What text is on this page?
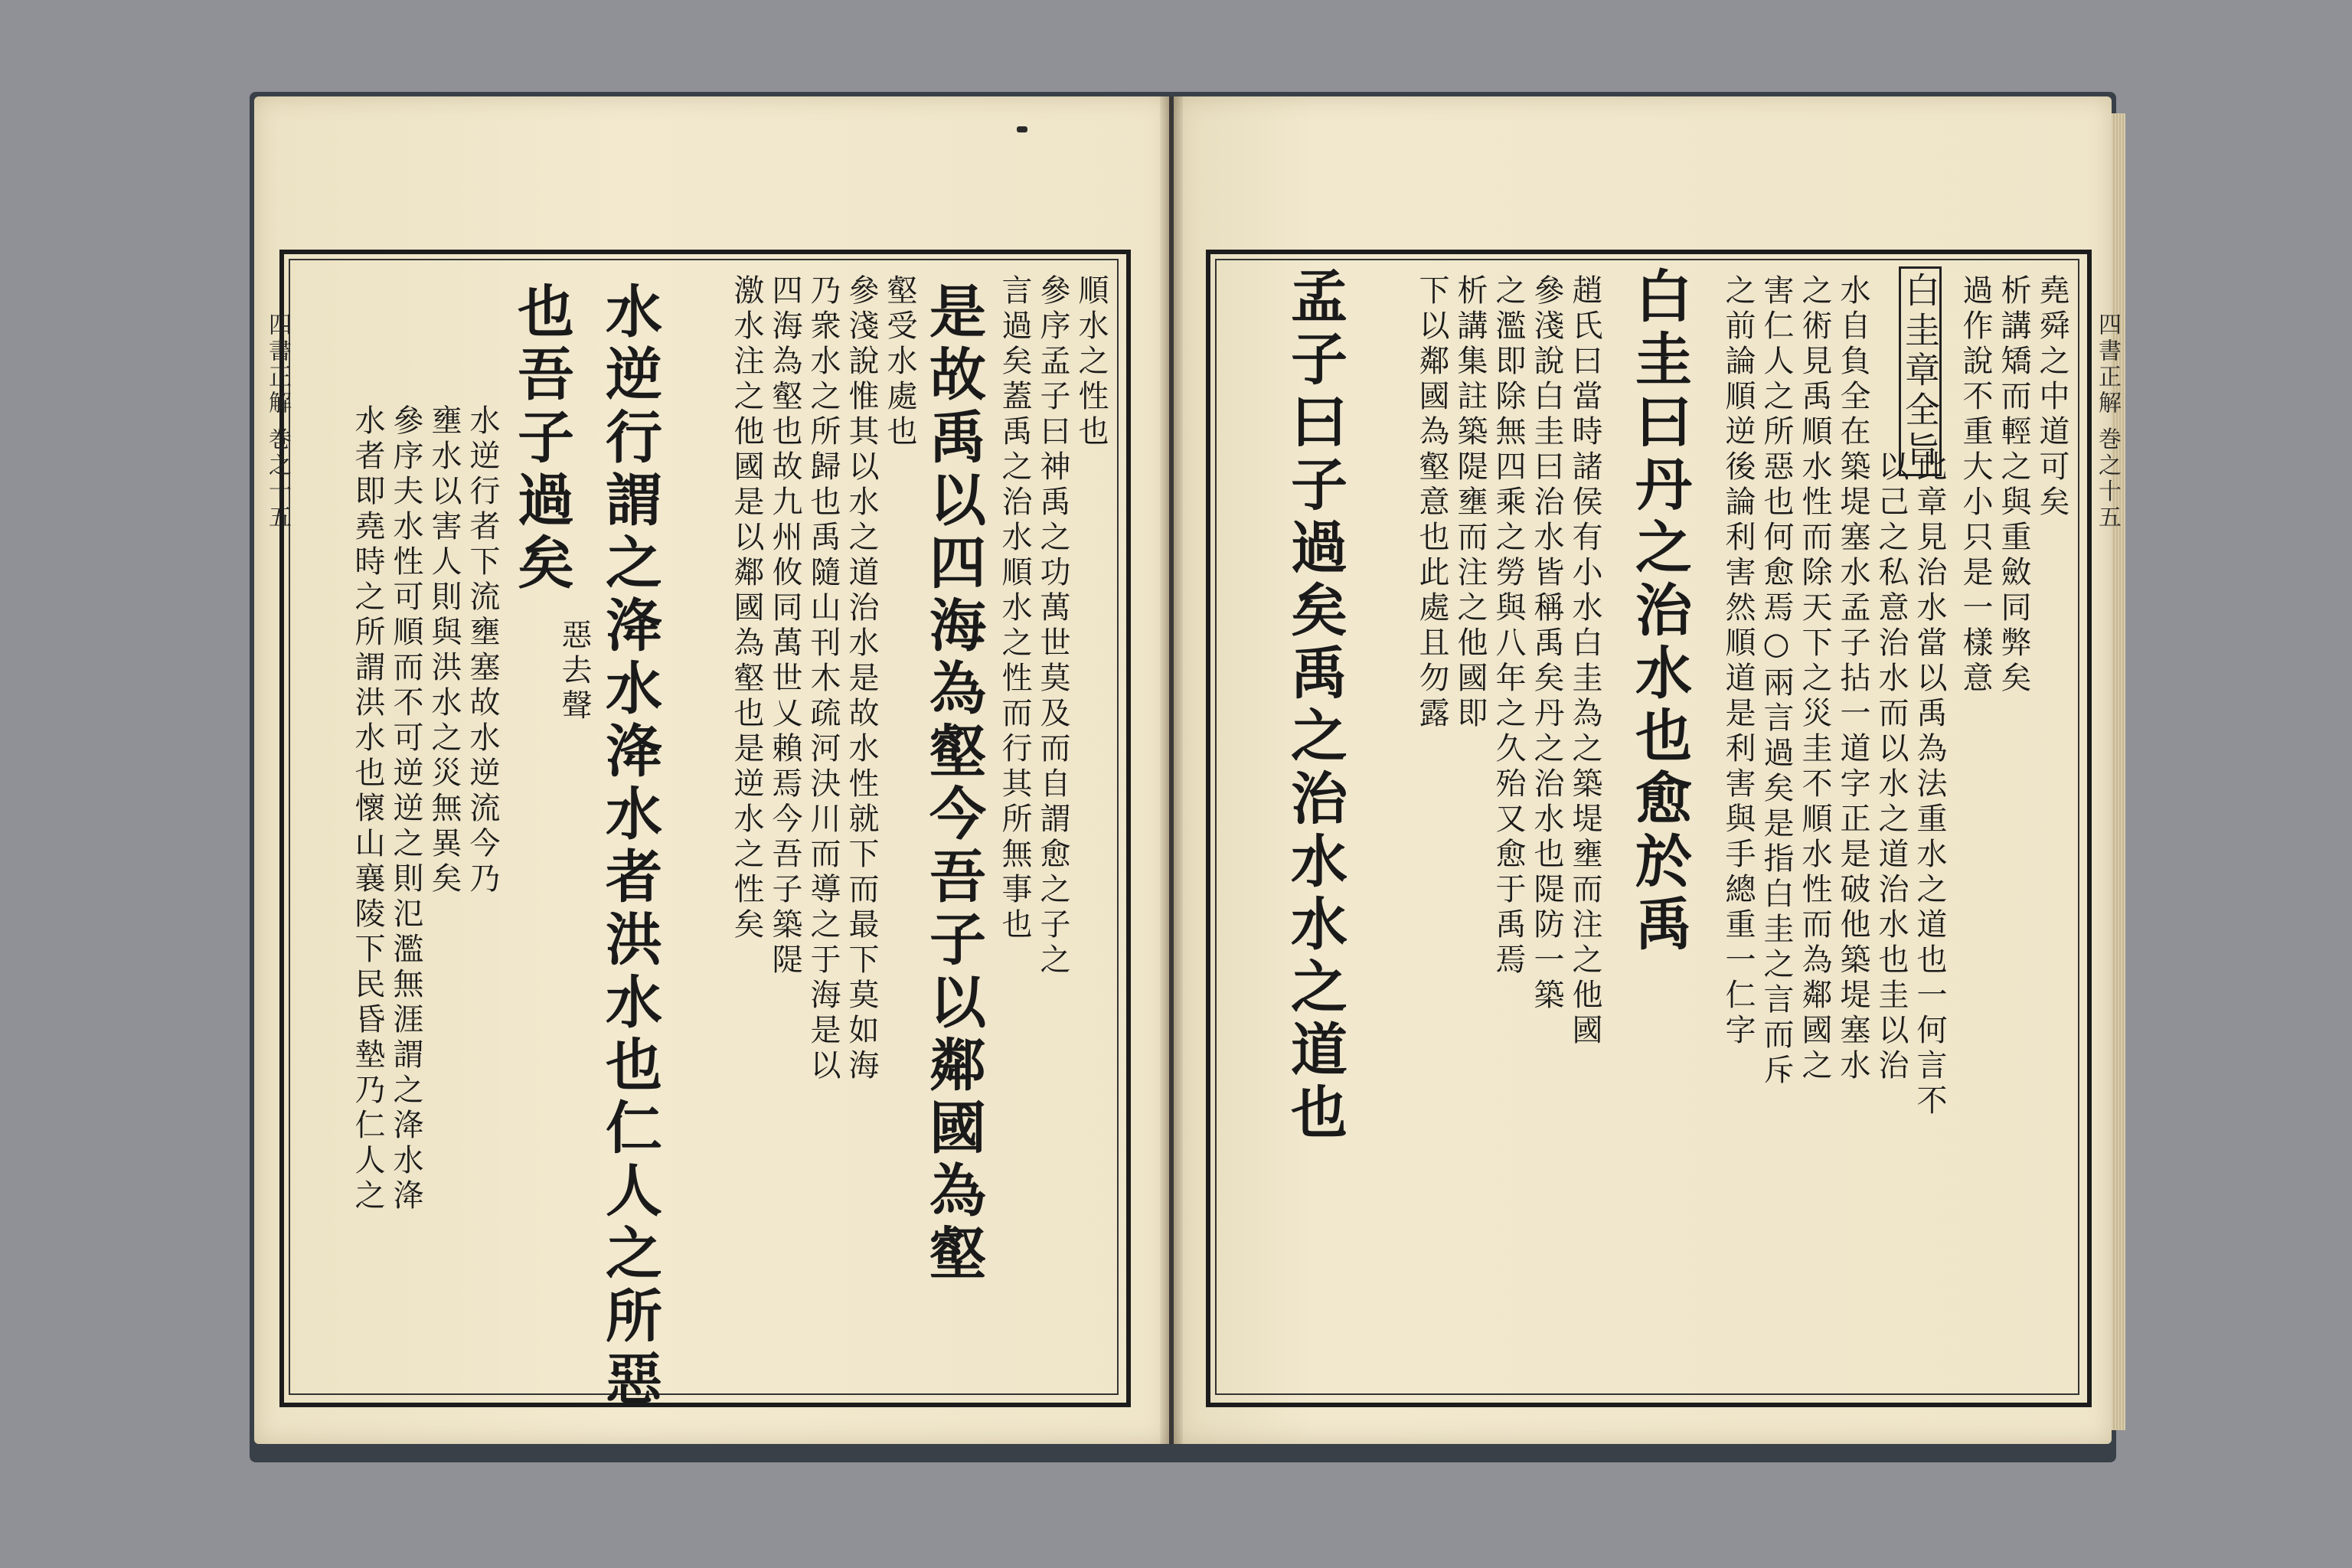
四書正解 巻之十五	是故禹以四海為壑今吾子以鄰國為壑
水逆行謂之洚水洚水者洪水也仁人之所惡
也吾子過矣	順水之性也
參序孟子曰神禹之功萬世莫及而自謂愈之子之
言過矣蓋禹之治水順水之性而行其所無事也
壑受水處也
參淺說惟其以水之道治水是故水性就下而最下莫如海
乃衆水之所歸也禹隨山刊木疏河決川而導之于海是以
四海為壑也故九州攸同萬世乂賴焉今吾子築隄
激水注之他國是以鄰國為壑也是逆水之性矣
惡去聲
水逆行者下流壅塞故水逆流今乃
壅水以害人則與洪水之災無異矣
參序夫水性可順而不可逆逆之則氾濫無涯謂之洚水洚
水者即堯時之所謂洪水也懷山襄陵下民昏墊乃仁人之	四書正解 巻之十五
堯舜之中道可矣
析講矯而輕之與重斂同弊矣
過作說不重大小只是一樣意
白圭章全旨
此章見治水當以禹為法重水之道也一何言不
以己之私意治水而以水之道治水也圭以治
水自負全在築堤塞水孟子拈一道字正是破他築堤塞水
之術見禹順水性而除天下之災圭不順水性而為鄰國之
害仁人之所惡也何愈焉○兩言過矣是指白圭之言而斥
之前論順逆後論利害然順道是利害與手總重一仁字
白圭曰丹之治水也愈於禹
趙氏曰當時諸侯有小水白圭為之築堤壅而注之他國
參淺說白圭曰治水皆稱禹矣丹之治水也隄防一築
之濫即除無四乘之勞與八年之久殆又愈于禹焉
析講集註築隄壅而注之他國即
下以鄰國為壑意也此處且勿露
孟子曰子過矣禹之治水水之道也
